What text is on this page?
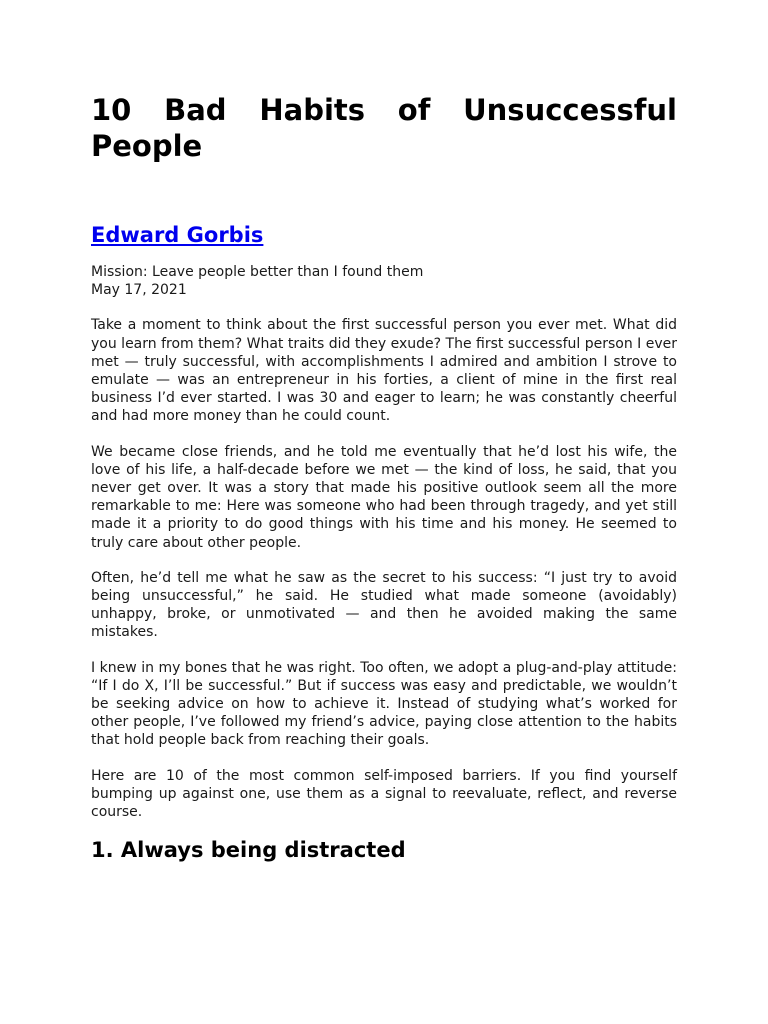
10 Bad Habits of Unsuccessful People
Edward Gorbis
Mission: Leave people better than I found them
May 17, 2021

Take a moment to think about the first successful person you ever met. What did you learn from them? What traits did they exude? The first successful person I ever met — truly successful, with accomplishments I admired and ambition I strove to emulate — was an entrepreneur in his forties, a client of mine in the first real business I’d ever started. I was 30 and eager to learn; he was constantly cheerful and had more money than he could count.

We became close friends, and he told me eventually that he’d lost his wife, the love of his life, a half-decade before we met — the kind of loss, he said, that you never get over. It was a story that made his positive outlook seem all the more remarkable to me: Here was someone who had been through tragedy, and yet still made it a priority to do good things with his time and his money. He seemed to truly care about other people.

Often, he’d tell me what he saw as the secret to his success: “I just try to avoid being unsuccessful,” he said. He studied what made someone (avoidably) unhappy, broke, or unmotivated — and then he avoided making the same mistakes.

I knew in my bones that he was right. Too often, we adopt a plug-and-play attitude: “If I do X, I’ll be successful.” But if success was easy and predictable, we wouldn’t be seeking advice on how to achieve it. Instead of studying what’s worked for other people, I’ve followed my friend’s advice, paying close attention to the habits that hold people back from reaching their goals.

Here are 10 of the most common self-imposed barriers. If you find yourself bumping up against one, use them as a signal to reevaluate, reflect, and reverse course.

1. Always being distracted
